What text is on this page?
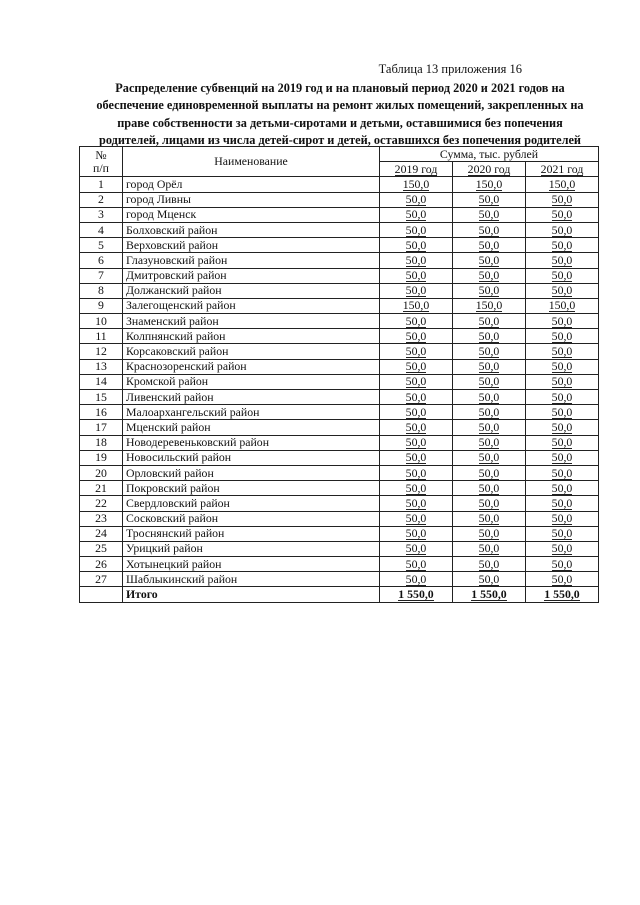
Таблица 13 приложения 16
Распределение субвенций на 2019 год и на плановый период 2020 и 2021 годов на
обеспечение единовременной выплаты на ремонт жилых помещений, закрепленных на
праве собственности за детьми-сиротами и детьми, оставшимися без попечения
родителей, лицами из числа детей-сирот и детей, оставшихся без попечения родителей
№
п/п	Наименование	Сумма, тыс. рублей		
		2019 год	2020 год	2021 год
1	город Орёл	150,0	150,0	150,0
2	город Ливны	50,0	50,0	50,0
3	город Мценск	50,0	50,0	50,0
4	Болховский район	50,0	50,0	50,0
5	Верховский район	50,0	50,0	50,0
6	Глазуновский район	50,0	50,0	50,0
7	Дмитровский район	50,0	50,0	50,0
8	Должанский район	50,0	50,0	50,0
9	Залегощенский район	150,0	150,0	150,0
10	Знаменский район	50,0	50,0	50,0
11	Колпнянский район	50,0	50,0	50,0
12	Корсаковский район	50,0	50,0	50,0
13	Краснозоренский район	50,0	50,0	50,0
14	Кромской район	50,0	50,0	50,0
15	Ливенский район	50,0	50,0	50,0
16	Малоархангельский район	50,0	50,0	50,0
17	Мценский район	50,0	50,0	50,0
18	Новодеревеньковский район	50,0	50,0	50,0
19	Новосильский район	50,0	50,0	50,0
20	Орловский район	50,0	50,0	50,0
21	Покровский район	50,0	50,0	50,0
22	Свердловский район	50,0	50,0	50,0
23	Сосковский район	50,0	50,0	50,0
24	Троснянский район	50,0	50,0	50,0
25	Урицкий район	50,0	50,0	50,0
26	Хотынецкий район	50,0	50,0	50,0
27	Шаблыкинский район	50,0	50,0	50,0
	Итого	1 550,0	1 550,0	1 550,0
